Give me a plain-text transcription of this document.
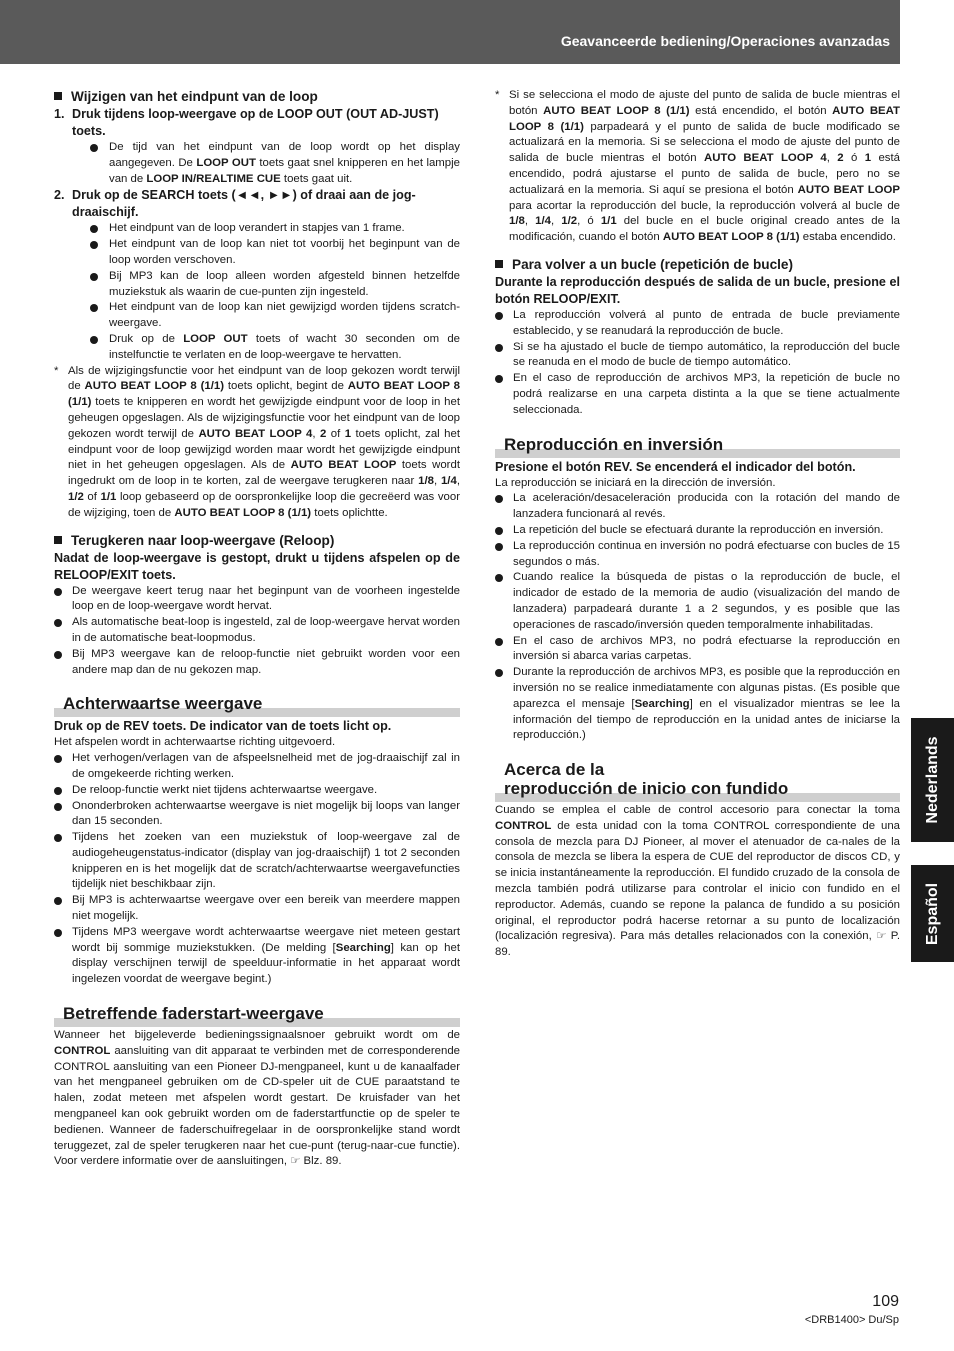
Geavanceerde bediening/Operaciones avanzadas
Wijzigen van het eindpunt van de loop
1. Druk tijdens loop-weergave op de LOOP OUT (OUT AD-JUST) toets.
De tijd van het eindpunt van de loop wordt op het display aangegeven. De LOOP OUT toets gaat snel knipperen en het lampje van de LOOP IN/REALTIME CUE toets gaat uit.
2. Druk op de SEARCH toets (◄◄, ►►) of draai aan de jog-draaischijf.
Het eindpunt van de loop verandert in stapjes van 1 frame.
Het eindpunt van de loop kan niet tot voorbij het beginpunt van de loop worden verschoven.
Bij MP3 kan de loop alleen worden afgesteld binnen hetzelfde muziekstuk als waarin de cue-punten zijn ingesteld.
Het eindpunt van de loop kan niet gewijzigd worden tijdens scratch-weergave.
Druk op de LOOP OUT toets of wacht 30 seconden om de instelfunctie te verlaten en de loop-weergave te hervatten.

* Als de wijzigingsfunctie voor het eindpunt van de loop gekozen wordt terwijl de AUTO BEAT LOOP 8 (1/1) toets oplicht, begint de AUTO BEAT LOOP 8 (1/1) toets te knipperen en wordt het gewijzigde eindpunt voor de loop in het geheugen opgeslagen. Als de wijzigingsfunctie voor het eindpunt van de loop gekozen wordt terwijl de AUTO BEAT LOOP 4, 2 of 1 toets oplicht, zal het eindpunt voor de loop gewijzigd worden maar wordt het gewijzigde eindpunt niet in het geheugen opgeslagen. Als de AUTO BEAT LOOP toets wordt ingedrukt om de loop in te korten, zal de weergave terugkeren naar 1/8, 1/4, 1/2 of 1/1 loop gebaseerd op de oorspronkelijke loop die gecreëerd was voor de wijziging, toen de AUTO BEAT LOOP 8 (1/1) toets oplichtte.

Terugkeren naar loop-weergave (Reloop)

Nadat de loop-weergave is gestopt, drukt u tijdens afspelen op de RELOOP/EXIT toets.

De weergave keert terug naar het beginpunt van de voorheen ingestelde loop en de loop-weergave wordt hervat.
Als automatische beat-loop is ingesteld, zal de loop-weergave hervat worden in de automatische beat-loopmodus.
Bij MP3 weergave kan de reloop-functie niet gebruikt worden voor een andere map dan de nu gekozen map.
Achterwaartse weergave

Druk op de REV toets. De indicator van de toets licht op.

Het afspelen wordt in achterwaartse richting uitgevoerd.

Het verhogen/verlagen van de afspeelsnelheid met de jog-draaischijf zal in de omgekeerde richting werken.
De reloop-functie werkt niet tijdens achterwaartse weergave.
Ononderbroken achterwaartse weergave is niet mogelijk bij loops van langer dan 15 seconden.
Tijdens het zoeken van een muziekstuk of loop-weergave zal de audiogeheugenstatus-indicator (display van jog-draaischijf) 1 tot 2 seconden knipperen en is het mogelijk dat de scratch/achterwaartse weergavefuncties tijdelijk niet beschikbaar zijn.
Bij MP3 is achterwaartse weergave over een bereik van meerdere mappen niet mogelijk.
Tijdens MP3 weergave wordt achterwaartse weergave niet meteen gestart wordt bij sommige muziekstukken. (De melding [Searching] kan op het display verschijnen terwijl de speelduur-informatie in het apparaat wordt ingelezen voordat de weergave begint.)
Betreffende faderstart-weergave

Wanneer het bijgeleverde bedieningssignaalsnoer gebruikt wordt om de CONTROL aansluiting van dit apparaat te verbinden met de corresponderende CONTROL aansluiting van een Pioneer DJ-mengpaneel, kunt u de kanaalfader van het mengpaneel gebruiken om de CD-speler uit de CUE paraatstand te halen, zodat meteen met afspelen wordt gestart. De kruisfader van het mengpaneel kan ook gebruikt worden om de faderstartfunctie op de speler te bedienen. Wanneer de faderschuifregelaar in de oorspronkelijke stand wordt teruggezet, zal de speler terugkeren naar het cue-punt (terug-naar-cue functie). Voor verdere informatie over de aansluitingen, ☞ Blz. 89.

* Si se selecciona el modo de ajuste del punto de salida de bucle mientras el botón AUTO BEAT LOOP 8 (1/1) está encendido, el botón AUTO BEAT LOOP 8 (1/1) parpadeará y el punto de salida de bucle modificado se actualizará en la memoria. Si se selecciona el modo de ajuste del punto de salida de bucle mientras el botón AUTO BEAT LOOP 4, 2 ó 1 está encendido, podrá ajustarse el punto de salida de bucle, pero no se actualizará en la memoria. Si aquí se presiona el botón AUTO BEAT LOOP para acortar la reproducción del bucle, la reproducción volverá al bucle de 1/8, 1/4, 1/2, ó 1/1 del bucle en el bucle original creado antes de la modificación, cuando el botón AUTO BEAT LOOP 8 (1/1) estaba encendido.

Para volver a un bucle (repetición de bucle)

Durante la reproducción después de salida de un bucle, presione el botón RELOOP/EXIT.

La reproducción volverá al punto de entrada de bucle previamente establecido, y se reanudará la reproducción de bucle.
Si se ha ajustado el bucle de tiempo automático, la reproducción del bucle se reanuda en el modo de bucle de tiempo automático.
En el caso de reproducción de archivos MP3, la repetición de bucle no podrá realizarse en una carpeta distinta a la que se tiene actualmente seleccionada.
Reproducción en inversión

Presione el botón REV. Se encenderá el indicador del botón.

La reproducción se iniciará en la dirección de inversión.

La aceleración/desaceleración producida con la rotación del mando de lanzadera funcionará al revés.
La repetición del bucle se efectuará durante la reproducción en inversión.
La reproducción continua en inversión no podrá efectuarse con bucles de 15 segundos o más.
Cuando realice la búsqueda de pistas o la reproducción de bucle, el indicador de estado de la memoria de audio (visualización del mando de lanzadera) parpadeará durante 1 a 2 segundos, y es posible que las operaciones de rascado/inversión queden temporalmente inhabilitadas.
En el caso de archivos MP3, no podrá efectuarse la reproducción en inversión si abarca varias carpetas.
Durante la reproducción de archivos MP3, es posible que la reproducción en inversión no se realice inmediatamente con algunas pistas. (Es posible que aparezca el mensaje [Searching] en el visualizador mientras se lee la información del tiempo de reproducción en la unidad antes de iniciarse la reproducción.)
Acerca de la
reproducción de inicio con fundido

Cuando se emplea el cable de control accesorio para conectar la toma CONTROL de esta unidad con la toma CONTROL correspondiente de una consola de mezcla para DJ Pioneer, al mover el atenuador de ca-nales de la consola de mezcla se libera la espera de CUE del reproductor de discos CD, y se inicia instantáneamente la reproducción. El fundido cruzado de la consola de mezcla también podrá utilizarse para controlar el inicio con fundido en el reproductor. Además, cuando se repone la palanca de fundido a su posición original, el reproductor podrá hacerse retornar a su punto de localización (localización regresiva). Para más detalles relacionados con la conexión, ☞ P. 89.

Nederlands
Español
109
<DRB1400> Du/Sp
